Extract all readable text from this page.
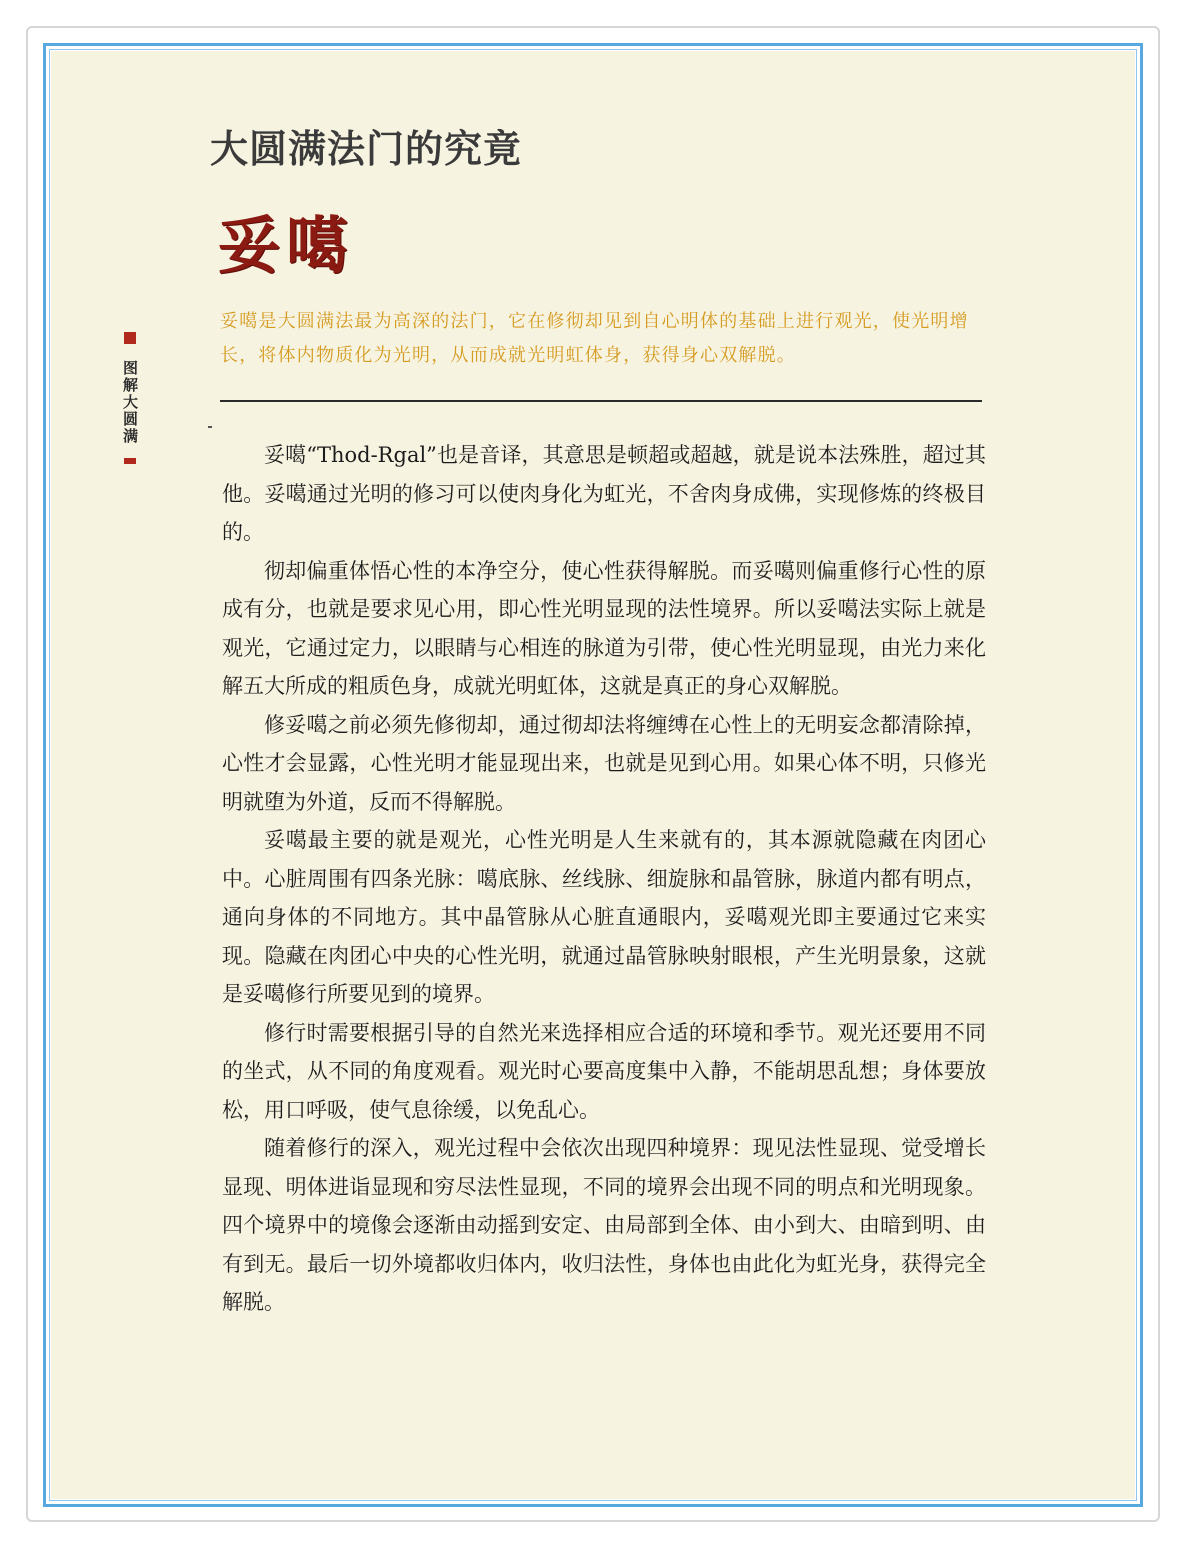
大圆满法门的究竟
妥噶

妥噶是大圆满法最为高深的法门，它在修彻却见到自心明体的基础上进行观光，使光明增长，将体内物质化为光明，从而成就光明虹体身，获得身心双解脱。

图解大圆满

妥噶“Thod-Rgal”也是音译，其意思是顿超或超越，就是说本法殊胜，超过其他。妥噶通过光明的修习可以使肉身化为虹光，不舍肉身成佛，实现修炼的终极目的。

彻却偏重体悟心性的本净空分，使心性获得解脱。而妥噶则偏重修行心性的原成有分，也就是要求见心用，即心性光明显现的法性境界。所以妥噶法实际上就是观光，它通过定力，以眼睛与心相连的脉道为引带，使心性光明显现，由光力来化解五大所成的粗质色身，成就光明虹体，这就是真正的身心双解脱。

修妥噶之前必须先修彻却，通过彻却法将缠缚在心性上的无明妄念都清除掉，心性才会显露，心性光明才能显现出来，也就是见到心用。如果心体不明，只修光明就堕为外道，反而不得解脱。

妥噶最主要的就是观光，心性光明是人生来就有的，其本源就隐藏在肉团心中。心脏周围有四条光脉：噶底脉、丝线脉、细旋脉和晶管脉，脉道内都有明点，通向身体的不同地方。其中晶管脉从心脏直通眼内，妥噶观光即主要通过它来实现。隐藏在肉团心中央的心性光明，就通过晶管脉映射眼根，产生光明景象，这就是妥噶修行所要见到的境界。

修行时需要根据引导的自然光来选择相应合适的环境和季节。观光还要用不同的坐式，从不同的角度观看。观光时心要高度集中入静，不能胡思乱想；身体要放松，用口呼吸，使气息徐缓，以免乱心。

随着修行的深入，观光过程中会依次出现四种境界：现见法性显现、觉受增长显现、明体进诣显现和穷尽法性显现，不同的境界会出现不同的明点和光明现象。四个境界中的境像会逐渐由动摇到安定、由局部到全体、由小到大、由暗到明、由有到无。最后一切外境都收归体内，收归法性，身体也由此化为虹光身，获得完全解脱。
